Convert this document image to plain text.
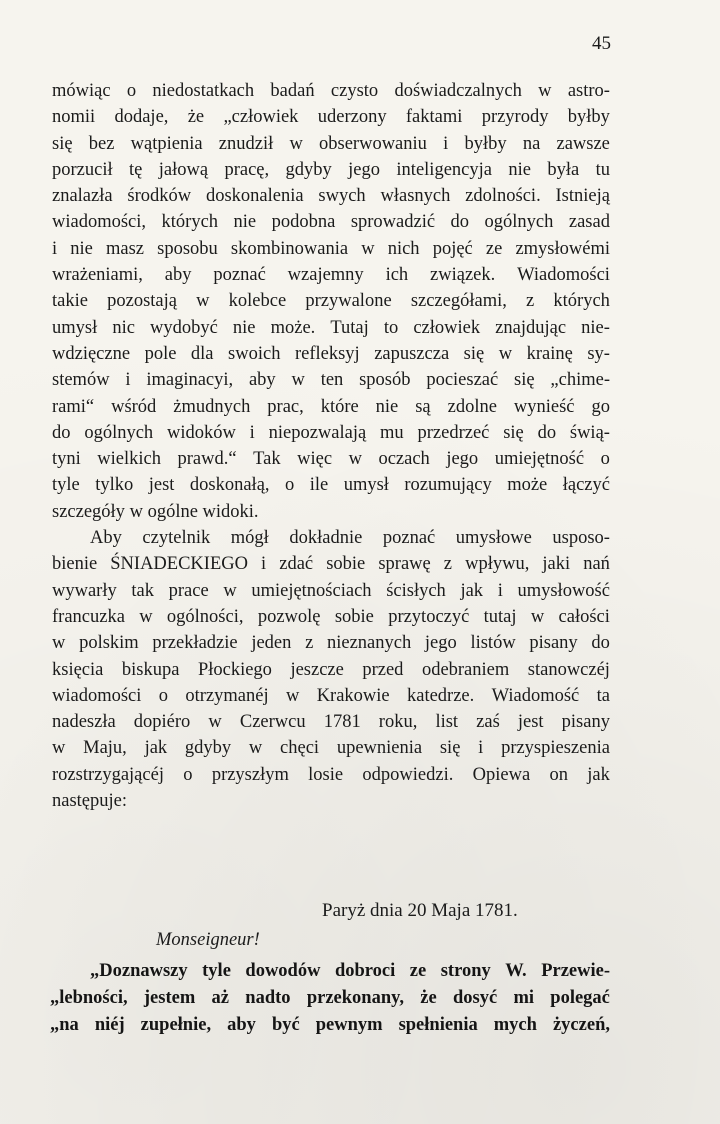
45
mówiąc o niedostatkach badań czysto doświadczalnych w astro-
nomii dodaje, że „człowiek uderzony faktami przyrody byłby
się bez wątpienia znudził w obserwowaniu i byłby na zawsze
porzucił tę jałową pracę, gdyby jego inteligencyja nie była tu
znalazła środków doskonalenia swych własnych zdolności. Istnieją
wiadomości, których nie podobna sprowadzić do ogólnych zasad
i nie masz sposobu skombinowania w nich pojęć ze zmysłowémi
wrażeniami, aby poznać wzajemny ich związek. Wiadomości
takie pozostają w kolebce przywalone szczegółami, z których
umysł nic wydobyć nie może. Tutaj to człowiek znajdując nie-
wdzięczne pole dla swoich refleksyj zapuszcza się w krainę sy-
stemów i imaginacyi, aby w ten sposób pocieszać się „chime-
rami“ wśród żmudnych prac, które nie są zdolne wynieść go
do ogólnych widoków i niepozwalają mu przedrzeć się do świą-
tyni wielkich prawd.“ Tak więc w oczach jego umiejętność o
tyle tylko jest doskonałą, o ile umysł rozumujący może łączyć
szczegóły w ogólne widoki.
Aby czytelnik mógł dokładnie poznać umysłowe usposo-
bienie ŚNIADECKIEGO i zdać sobie sprawę z wpływu, jaki nań
wywarły tak prace w umiejętnościach ścisłych jak i umysłowość
francuzka w ogólności, pozwolę sobie przytoczyć tutaj w całości
w polskim przekładzie jeden z nieznanych jego listów pisany do
księcia biskupa Płockiego jeszcze przed odebraniem stanowczéj
wiadomości o otrzymanéj w Krakowie katedrze. Wiadomość ta
nadeszła dopiéro w Czerwcu 1781 roku, list zaś jest pisany
w Maju, jak gdyby w chęci upewnienia się i przyspieszenia
rozstrzygającéj o przyszłym losie odpowiedzi. Opiewa on jak
następuje:
Paryż dnia 20 Maja 1781.
Monseigneur!
„Doznawszy tyle dowodów dobroci ze strony W. Przewie-
„lebności, jestem aż nadto przekonany, że dosyć mi polegać
„na niéj zupełnie, aby być pewnym spełnienia mych życzeń,
